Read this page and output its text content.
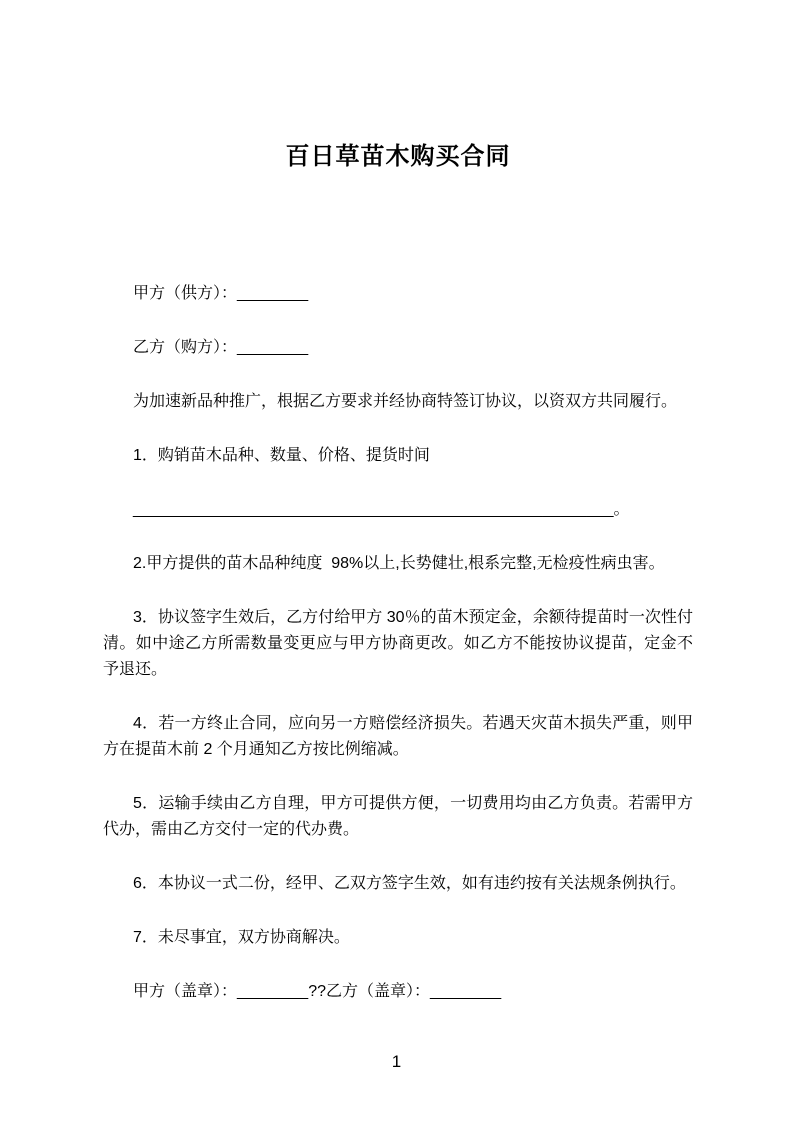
百日草苗木购买合同

甲方（供方）：________

乙方（购方）：________

为加速新品种推广，根据乙方要求并经协商特签订协议，以资双方共同履行。

1．购销苗木品种、数量、价格、提货时间

______________________________________________________。

2.甲方提供的苗木品种纯度  98%以上,长势健壮,根系完整,无检疫性病虫害。

3．协议签字生效后，乙方付给甲方 30％的苗木预定金，余额待提苗时一次性付清。如中途乙方所需数量变更应与甲方协商更改。如乙方不能按协议提苗，定金不予退还。

4．若一方终止合同，应向另一方赔偿经济损失。若遇天灾苗木损失严重，则甲方在提苗木前 2 个月通知乙方按比例缩减。

5．运输手续由乙方自理，甲方可提供方便，一切费用均由乙方负责。若需甲方代办，需由乙方交付一定的代办费。

6．本协议一式二份，经甲、乙双方签字生效，如有违约按有关法规条例执行。

7．未尽事宜，双方协商解决。

甲方（盖章）：________??乙方（盖章）：________

1
